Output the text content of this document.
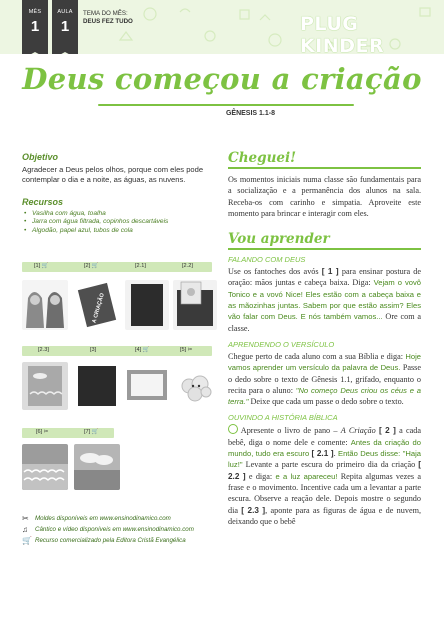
MÊS
1
AULA
1
TEMA DO MÊS:
DEUS FEZ TUDO	PLUG KINDER
Deus começou a criação
GÊNESIS 1.1-8
Objetivo

Agradecer a Deus pelos olhos, porque com eles pode contemplar o dia e a noite, as águas, as nuvens.

Recursos
• Vasilha com água, toalha
• Jarra com água filtrada, copinhos descartáveis
• Algodão, papel azul, tubos de cola
[1] 🛒	[2] 🛒	[2.1]	[2.2]
A CRIAÇÃO
[2.3]	[3]	[4] 🛒	[5] ✂
[6] ✂	[7] 🛒
✂ Moldes disponíveis em www.ensinodinamico.com
♫ Cântico e vídeo disponíveis em www.ensinodinamico.com
🛒 Recurso comercializado pela Editora Cristã Evangélica
Cheguei!

Os momentos iniciais numa classe são fundamentais para a socialização e a permanência dos alunos na sala. Receba-os com carinho e simpatia. Aproveite este momento para brincar e interagir com eles.

Vou aprender
FALANDO COM DEUS

Use os fantoches dos avós [ 1 ] para ensinar postura de oração: mãos juntas e cabeça baixa. Diga: Vejam o vovô Tonico e a vovó Nice! Eles estão com a cabeça baixa e as mãozinhas juntas. Sabem por que estão assim? Eles vão falar com Deus. E nós também vamos... Ore com a classe.

APRENDENDO O VERSÍCULO

Chegue perto de cada aluno com a sua Bíblia e diga: Hoje vamos aprender um versículo da palavra de Deus. Passe o dedo sobre o texto de Gênesis 1.1, grifado, enquanto o recita para o aluno: "No começo Deus criou os céus e a terra." Deixe que cada um passe o dedo sobre o texto.

OUVINDO A HISTÓRIA BÍBLICA

Apresente o livro de pano – A Criação [ 2 ] a cada bebê, diga o nome dele e comente: Antes da criação do mundo, tudo era escuro [ 2.1 ]. Então Deus disse: "Haja luz!" Levante a parte escura do primeiro dia da criação [ 2.2 ] e diga: e a luz apareceu! Repita algumas vezes a frase e o movimento. Incentive cada um a levantar a parte escura. Observe a reação dele. Depois mostre o segundo dia [ 2.3 ], aponte para as figuras de água e de nuvem, deixando que o bebê
